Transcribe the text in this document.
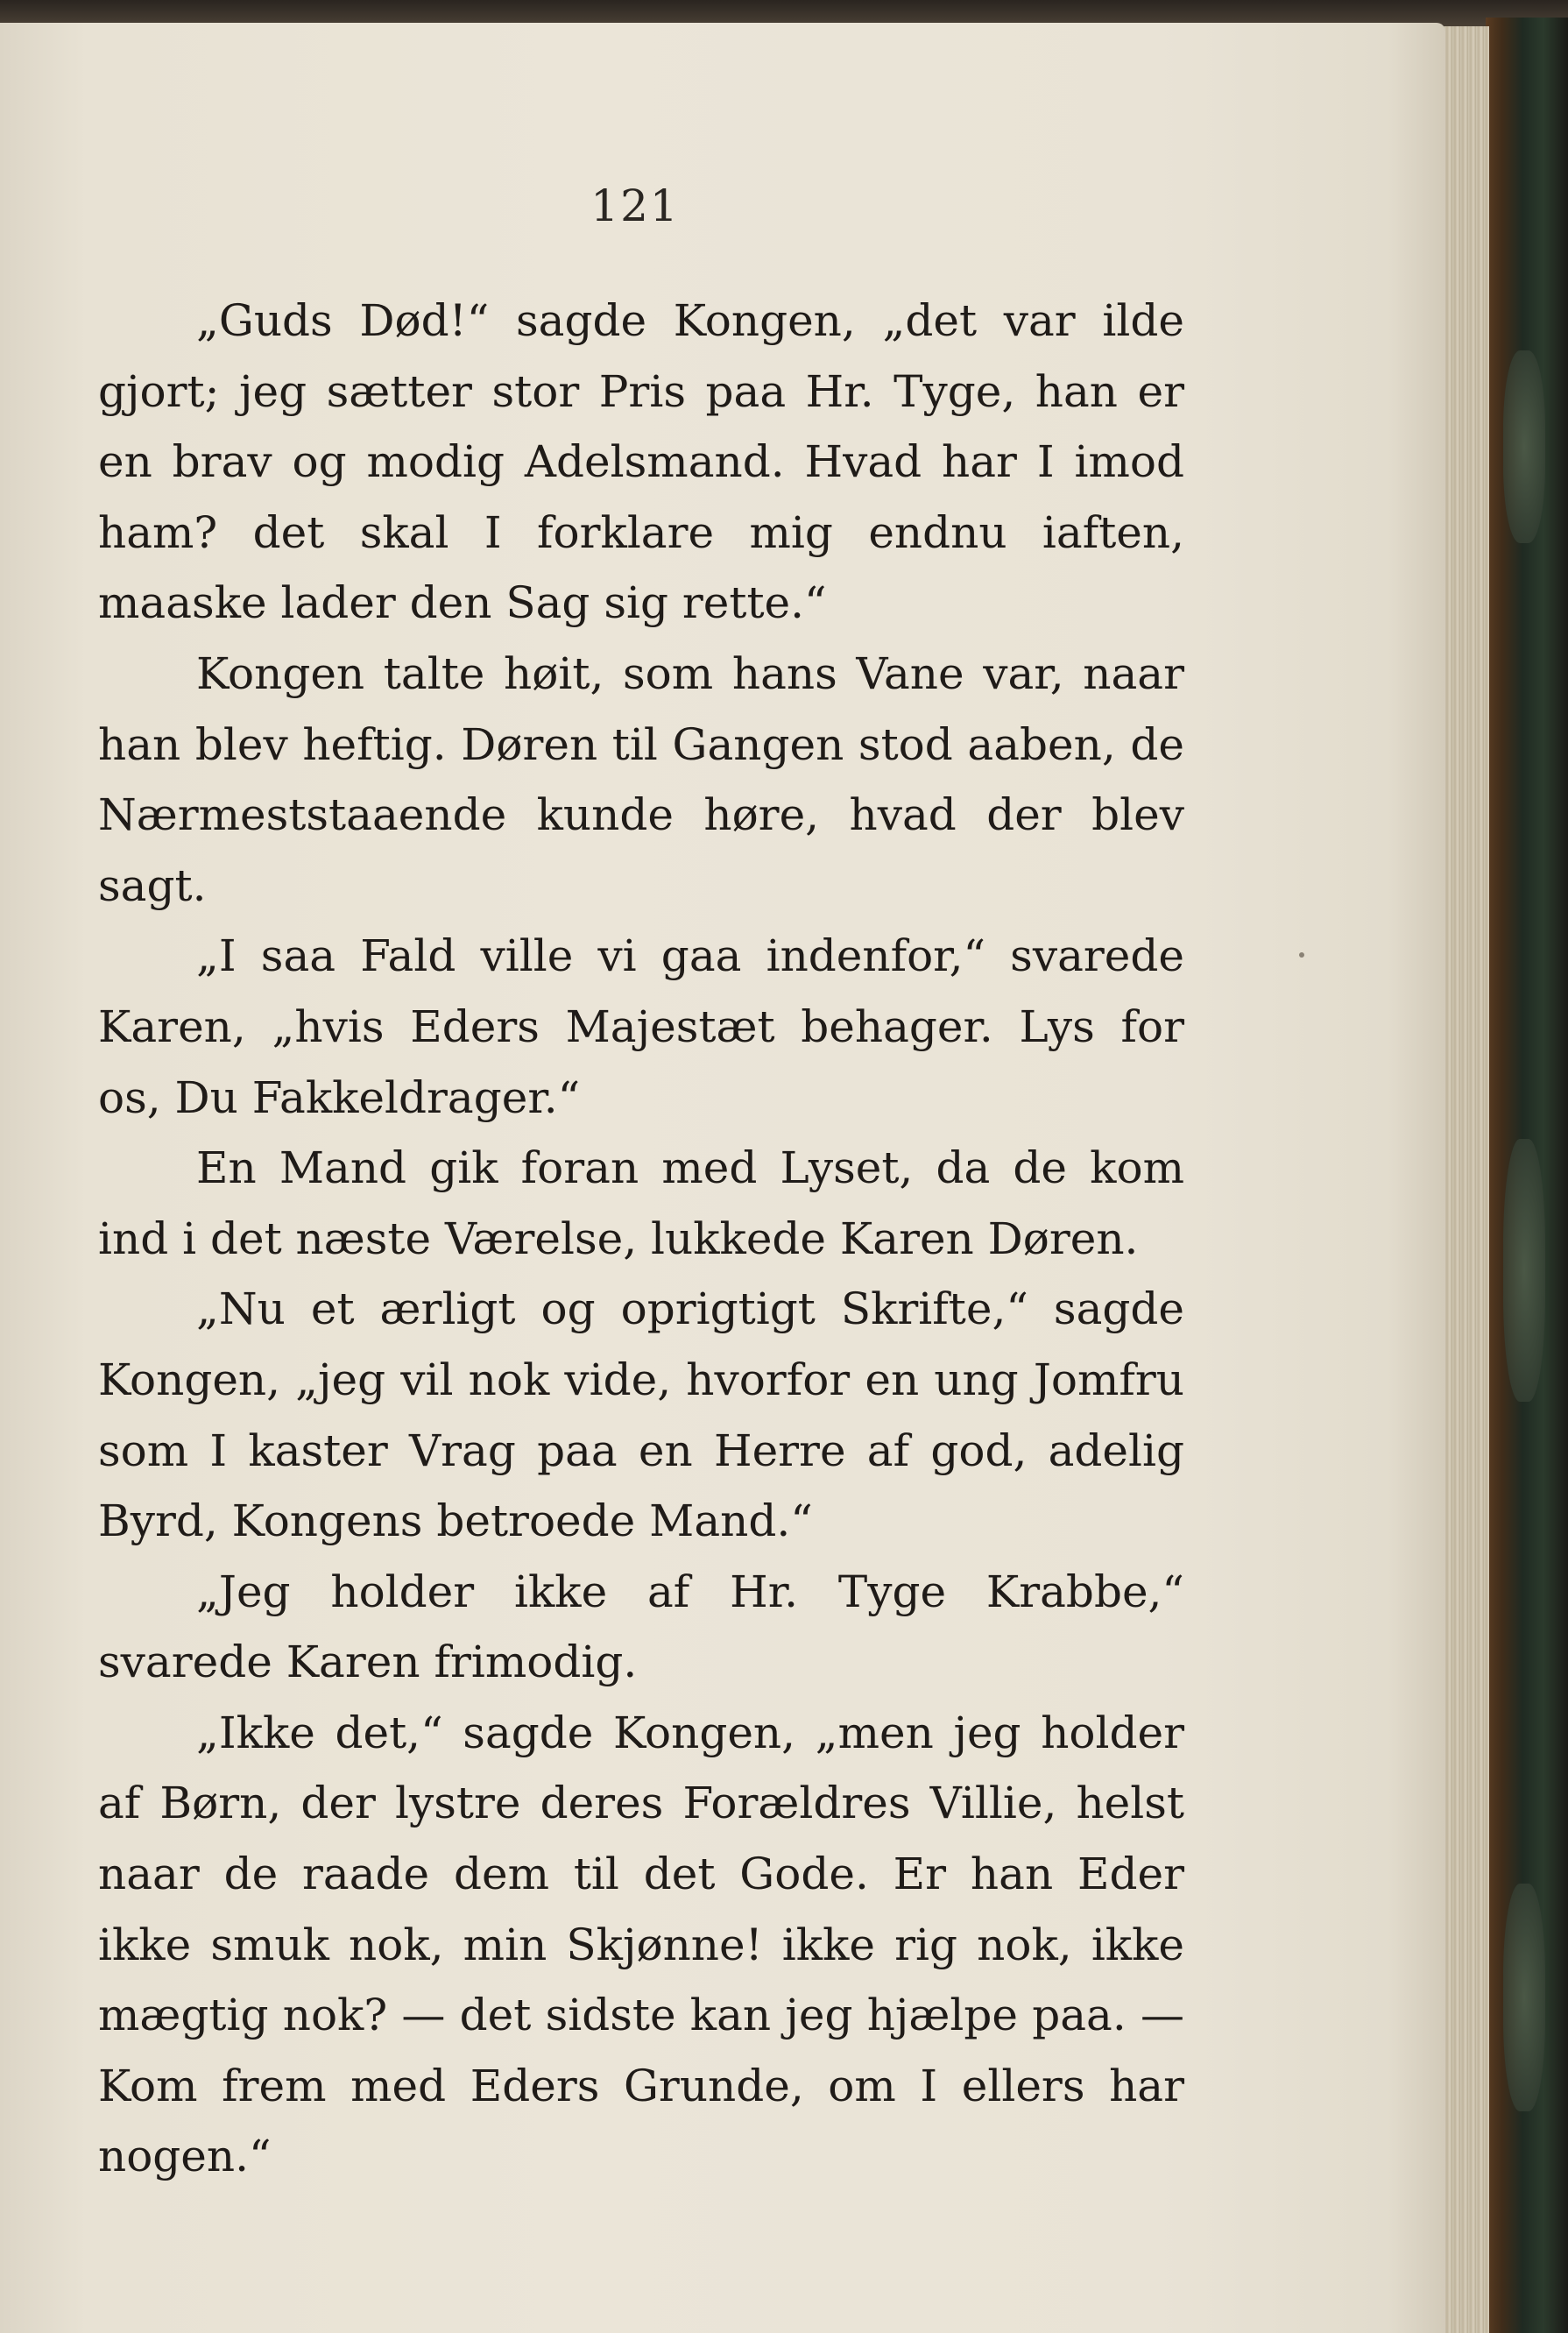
121

„Guds Død!“ sagde Kongen, „det var ilde gjort; jeg sætter stor Pris paa Hr. Tyge, han er en brav og modig Adelsmand. Hvad har I imod ham? det skal I forklare mig endnu iaften, maaske lader den Sag sig rette.“

Kongen talte høit, som hans Vane var, naar han blev heftig. Døren til Gangen stod aaben, de Nærmeststaaende kunde høre, hvad der blev sagt.

„I saa Fald ville vi gaa indenfor,“ svarede Karen, „hvis Eders Majestæt behager. Lys for os, Du Fakkeldrager.“

En Mand gik foran med Lyset, da de kom ind i det næste Værelse, lukkede Karen Døren.

„Nu et ærligt og oprigtigt Skrifte,“ sagde Kongen, „jeg vil nok vide, hvorfor en ung Jomfru som I kaster Vrag paa en Herre af god, adelig Byrd, Kongens betroede Mand.“

„Jeg holder ikke af Hr. Tyge Krabbe,“ svarede Karen frimodig.

„Ikke det,“ sagde Kongen, „men jeg holder af Børn, der lystre deres Forældres Villie, helst naar de raade dem til det Gode. Er han Eder ikke smuk nok, min Skjønne! ikke rig nok, ikke mægtig nok? — det sidste kan jeg hjælpe paa. — Kom frem med Eders Grunde, om I ellers har nogen.“
